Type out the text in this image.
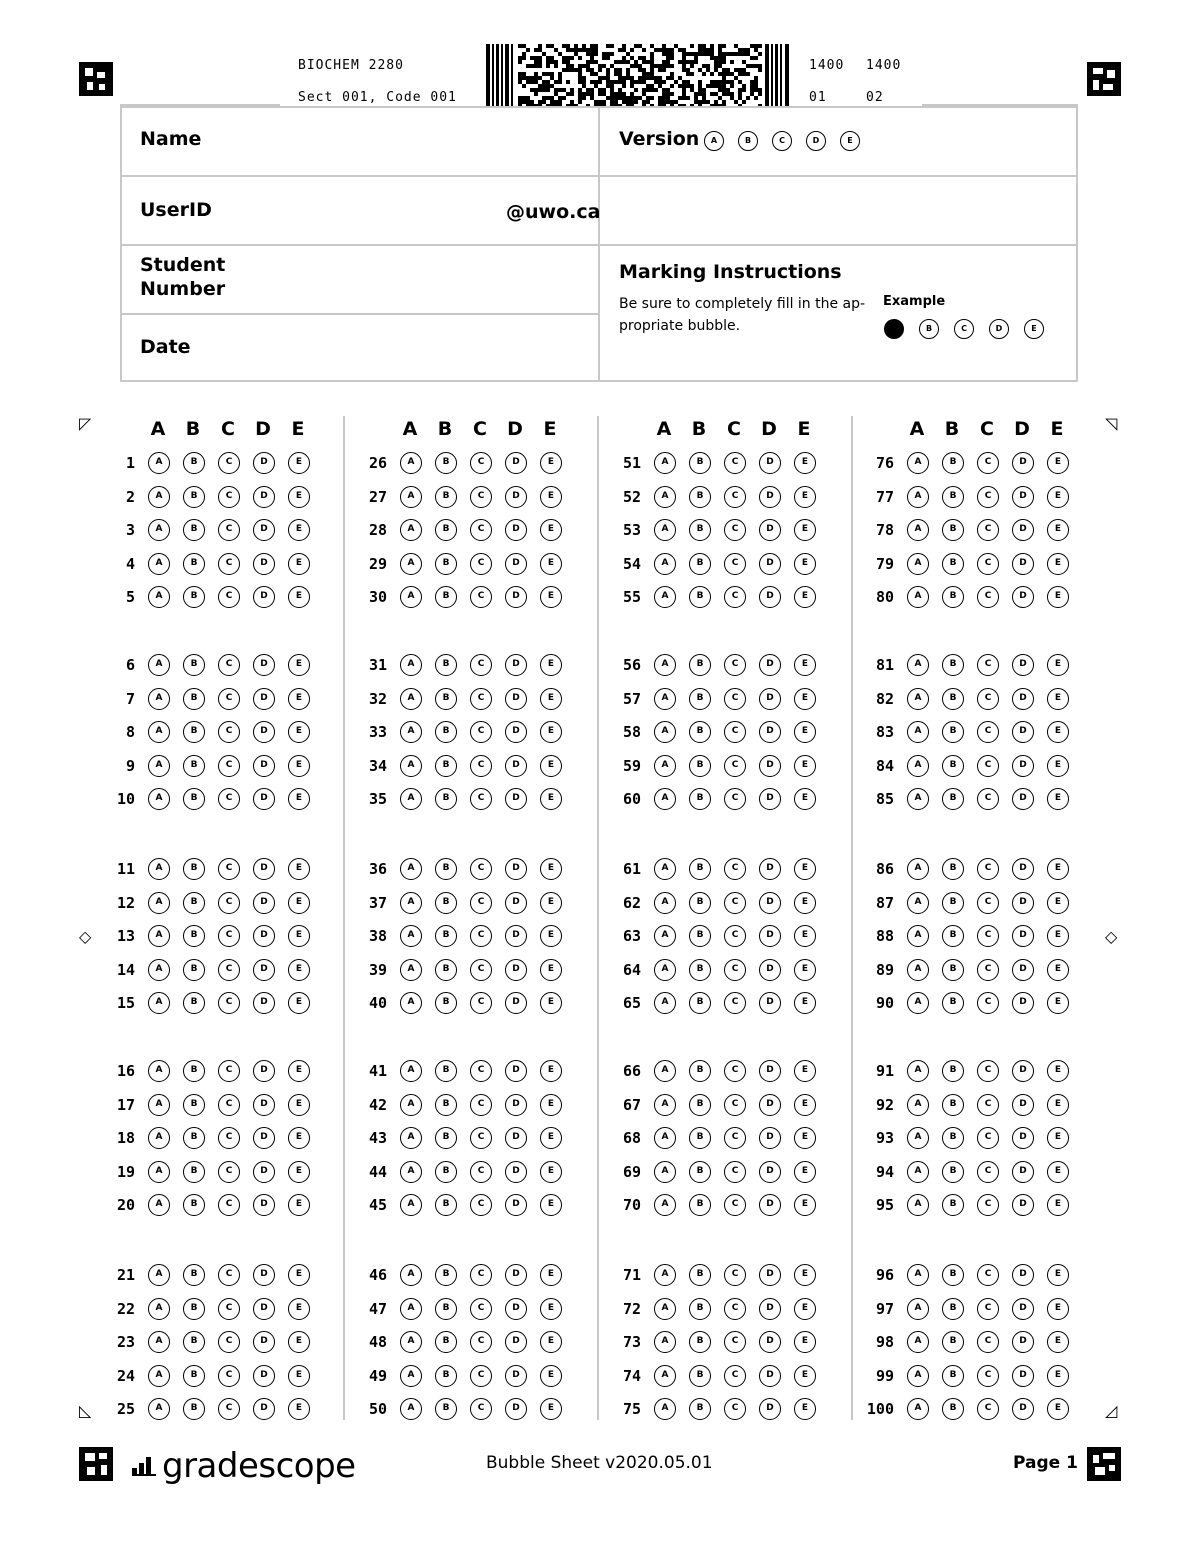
BIOCHEM 2280
Sect 001, Code 001
1400
01
1400
02
Name	Version	A	B	C	D	E
UserID	@uwo.ca
Student
Number
Date
Marking Instructions
Be sure to completely fill in the ap-
propriate bubble.
Example
B	C	D	E
◸	◹
◇	◇
◺	◿
A B C D E
1	A	B	C	D	E
2	A	B	C	D	E
3	A	B	C	D	E
4	A	B	C	D	E
5	A	B	C	D	E
6	A	B	C	D	E
7	A	B	C	D	E
8	A	B	C	D	E
9	A	B	C	D	E
10	A	B	C	D	E
11	A	B	C	D	E
12	A	B	C	D	E
13	A	B	C	D	E
14	A	B	C	D	E
15	A	B	C	D	E
16	A	B	C	D	E
17	A	B	C	D	E
18	A	B	C	D	E
19	A	B	C	D	E
20	A	B	C	D	E
21	A	B	C	D	E
22	A	B	C	D	E
23	A	B	C	D	E
24	A	B	C	D	E
25	A	B	C	D	E
A B C D E
26	A	B	C	D	E
27	A	B	C	D	E
28	A	B	C	D	E
29	A	B	C	D	E
30	A	B	C	D	E
31	A	B	C	D	E
32	A	B	C	D	E
33	A	B	C	D	E
34	A	B	C	D	E
35	A	B	C	D	E
36	A	B	C	D	E
37	A	B	C	D	E
38	A	B	C	D	E
39	A	B	C	D	E
40	A	B	C	D	E
41	A	B	C	D	E
42	A	B	C	D	E
43	A	B	C	D	E
44	A	B	C	D	E
45	A	B	C	D	E
46	A	B	C	D	E
47	A	B	C	D	E
48	A	B	C	D	E
49	A	B	C	D	E
50	A	B	C	D	E
A B C D E
51	A	B	C	D	E
52	A	B	C	D	E
53	A	B	C	D	E
54	A	B	C	D	E
55	A	B	C	D	E
56	A	B	C	D	E
57	A	B	C	D	E
58	A	B	C	D	E
59	A	B	C	D	E
60	A	B	C	D	E
61	A	B	C	D	E
62	A	B	C	D	E
63	A	B	C	D	E
64	A	B	C	D	E
65	A	B	C	D	E
66	A	B	C	D	E
67	A	B	C	D	E
68	A	B	C	D	E
69	A	B	C	D	E
70	A	B	C	D	E
71	A	B	C	D	E
72	A	B	C	D	E
73	A	B	C	D	E
74	A	B	C	D	E
75	A	B	C	D	E
A B C D E
76	A	B	C	D	E
77	A	B	C	D	E
78	A	B	C	D	E
79	A	B	C	D	E
80	A	B	C	D	E
81	A	B	C	D	E
82	A	B	C	D	E
83	A	B	C	D	E
84	A	B	C	D	E
85	A	B	C	D	E
86	A	B	C	D	E
87	A	B	C	D	E
88	A	B	C	D	E
89	A	B	C	D	E
90	A	B	C	D	E
91	A	B	C	D	E
92	A	B	C	D	E
93	A	B	C	D	E
94	A	B	C	D	E
95	A	B	C	D	E
96	A	B	C	D	E
97	A	B	C	D	E
98	A	B	C	D	E
99	A	B	C	D	E
100	A	B	C	D	E
gradescope	Bubble Sheet v2020.05.01	Page 1
